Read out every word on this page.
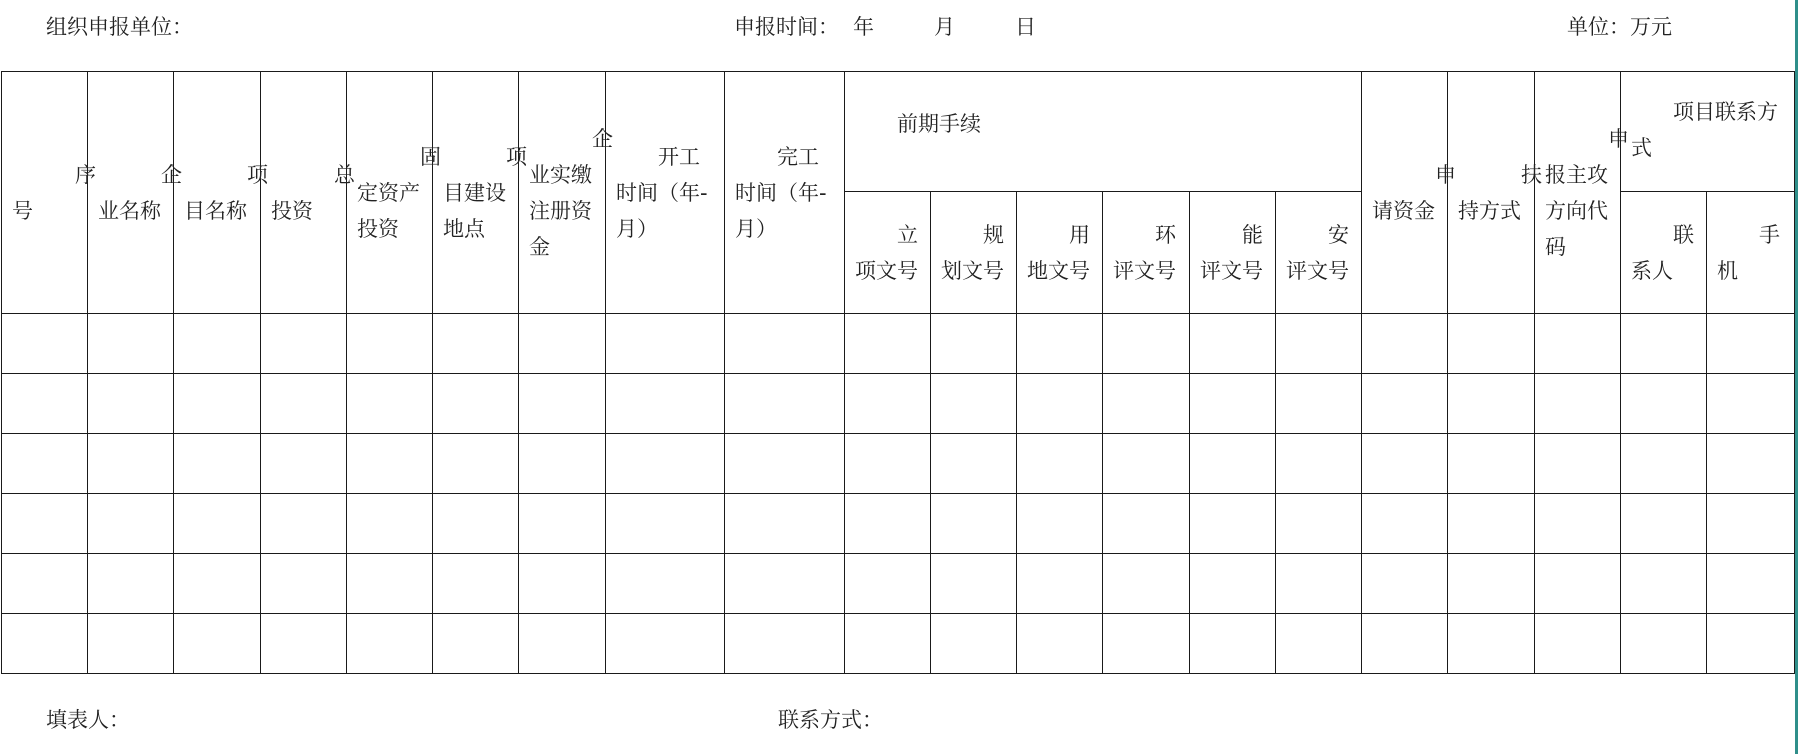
组织申报单位：	申报时间： 年	月	日	单位：万元
序号	企业名称	项目名称	总投资	固定资产投资	项目建设地点	企业实缴注册资金	开工时间（年-月）	完工时间（年-月）	前期手续						申请资金	扶持方式	申报主攻方向代码	项目联系方式	
									立项文号	规划文号	用地文号	环评文号	能评文号	安评文号				联系人	手机

填表人：	联系方式：
